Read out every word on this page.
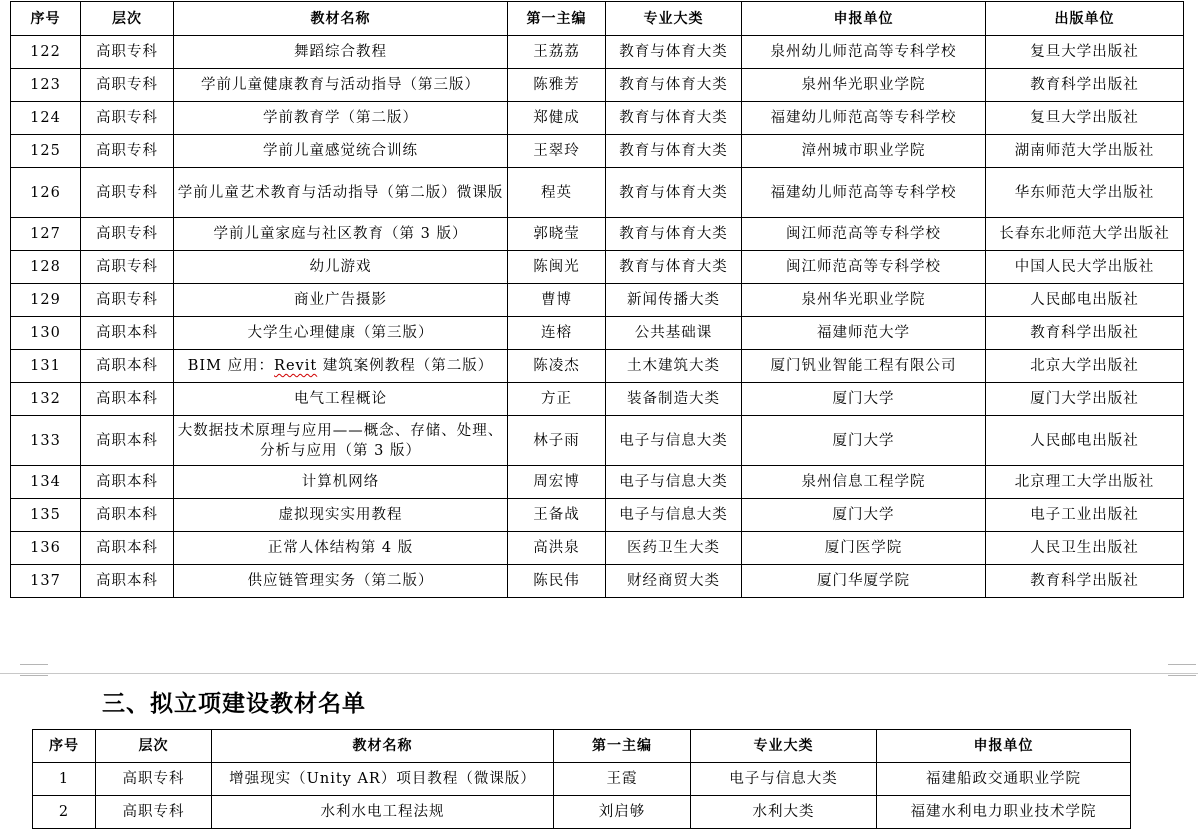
序号	层次	教材名称	第一主编	专业大类	申报单位	出版单位
122	高职专科	舞蹈综合教程	王荔荔	教育与体育大类	泉州幼儿师范高等专科学校	复旦大学出版社
123	高职专科	学前儿童健康教育与活动指导（第三版）	陈雅芳	教育与体育大类	泉州华光职业学院	教育科学出版社
124	高职专科	学前教育学（第二版）	郑健成	教育与体育大类	福建幼儿师范高等专科学校	复旦大学出版社
125	高职专科	学前儿童感觉统合训练	王翠玲	教育与体育大类	漳州城市职业学院	湖南师范大学出版社
126	高职专科	学前儿童艺术教育与活动指导（第二版）微课版	程英	教育与体育大类	福建幼儿师范高等专科学校	华东师范大学出版社
127	高职专科	学前儿童家庭与社区教育（第 3 版）	郭晓莹	教育与体育大类	闽江师范高等专科学校	长春东北师范大学出版社
128	高职专科	幼儿游戏	陈闽光	教育与体育大类	闽江师范高等专科学校	中国人民大学出版社
129	高职专科	商业广告摄影	曹博	新闻传播大类	泉州华光职业学院	人民邮电出版社
130	高职本科	大学生心理健康（第三版）	连榕	公共基础课	福建师范大学	教育科学出版社
131	高职本科	BIM 应用：Revit 建筑案例教程（第二版）	陈凌杰	土木建筑大类	厦门钒业智能工程有限公司	北京大学出版社
132	高职本科	电气工程概论	方正	装备制造大类	厦门大学	厦门大学出版社
133	高职本科	大数据技术原理与应用——概念、存储、处理、分析与应用（第 3 版）	林子雨	电子与信息大类	厦门大学	人民邮电出版社
134	高职本科	计算机网络	周宏博	电子与信息大类	泉州信息工程学院	北京理工大学出版社
135	高职本科	虚拟现实实用教程	王备战	电子与信息大类	厦门大学	电子工业出版社
136	高职本科	正常人体结构第 4 版	高洪泉	医药卫生大类	厦门医学院	人民卫生出版社
137	高职本科	供应链管理实务（第二版）	陈民伟	财经商贸大类	厦门华厦学院	教育科学出版社
三、拟立项建设教材名单
序号	层次	教材名称	第一主编	专业大类	申报单位
1	高职专科	增强现实（Unity AR）项目教程（微课版）	王霞	电子与信息大类	福建船政交通职业学院
2	高职专科	水利水电工程法规	刘启够	水利大类	福建水利电力职业技术学院
